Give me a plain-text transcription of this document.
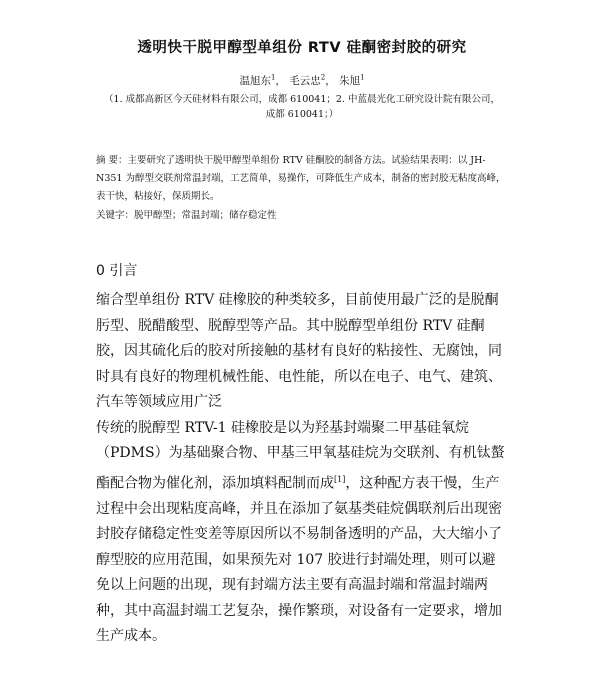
透明快干脱甲醇型单组份 RTV 硅酮密封胶的研究
温旭东$^1$， 毛云忠$^2$， 朱旭$^1$
（1. 成都高新区今天硅材料有限公司，成都 610041；2. 中蓝晨光化工研究设计院有限公司，
成都 610041；）
摘 要：主要研究了透明快干脱甲醇型单组份 RTV 硅酮胶的制备方法。试验结果表明：以 JH-N351 为醇型交联剂常温封端，工艺简单，易操作，可降低生产成本，制备的密封胶无粘度高峰，表干快，粘接好，保质期长。
关键字：脱甲醇型；常温封端；储存稳定性
0 引言

缩合型单组份 RTV 硅橡胶的种类较多，目前使用最广泛的是脱酮肟型、脱醋酸型、脱醇型等产品。其中脱醇型单组份 RTV 硅酮胶，因其硫化后的胶对所接触的基材有良好的粘接性、无腐蚀，同时具有良好的物理机械性能、电性能，所以在电子、电气、建筑、汽车等领域应用广泛

传统的脱醇型 RTV-1 硅橡胶是以为羟基封端聚二甲基硅氧烷（PDMS）为基础聚合物、甲基三甲氧基硅烷为交联剂、有机钛螯酯配合物为催化剂，添加填料配制而成[1]，这种配方表干慢，生产过程中会出现粘度高峰，并且在添加了氨基类硅烷偶联剂后出现密封胶存储稳定性变差等原因所以不易制备透明的产品，大大缩小了醇型胶的应用范围，如果预先对 107 胶进行封端处理，则可以避免以上问题的出现，现有封端方法主要有高温封端和常温封端两种，其中高温封端工艺复杂，操作繁琐，对设备有一定要求，增加生产成本。
